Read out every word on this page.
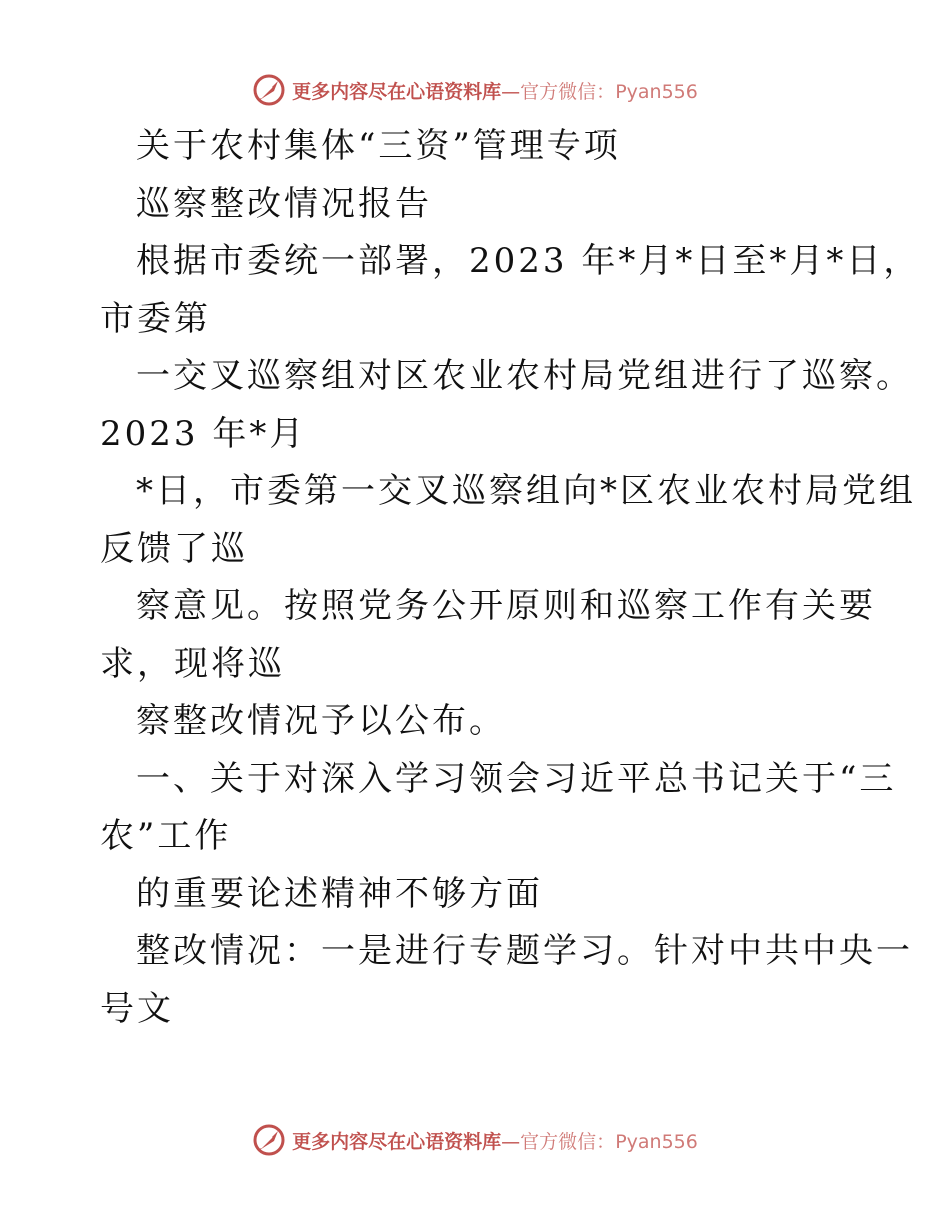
更多内容尽在心语资料库—官方微信：Pyan556
关于农村集体“三资”管理专项
巡察整改情况报告
根据市委统一部署，2023 年*月*日至*月*日，
市委第
一交叉巡察组对区农业农村局党组进行了巡察。
2023 年*月
*日，市委第一交叉巡察组向*区农业农村局党组
反馈了巡
察意见。按照党务公开原则和巡察工作有关要
求，现将巡
察整改情况予以公布。
一、关于对深入学习领会习近平总书记关于“三
农”工作
的重要论述精神不够方面
整改情况：一是进行专题学习。针对中共中央一
号文
更多内容尽在心语资料库—官方微信：Pyan556
